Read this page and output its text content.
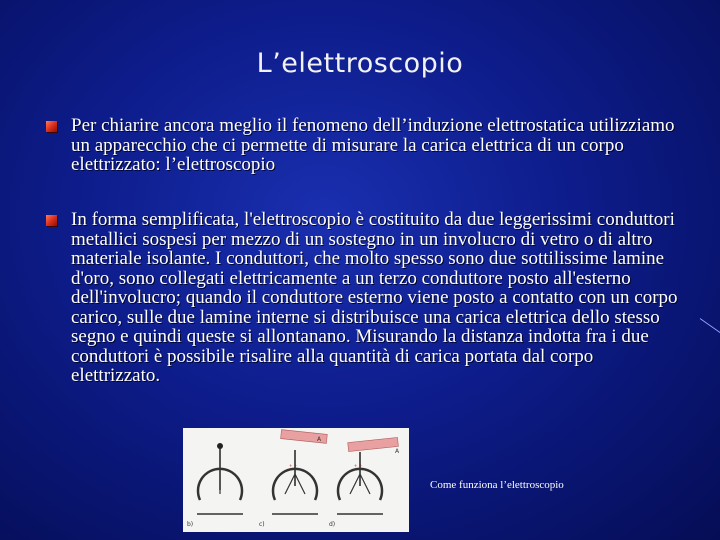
L’elettroscopio
Per chiarire ancora meglio il fenomeno dell’induzione elettrostatica utilizziamo un apparecchio che ci permette di misurare la carica elettrica di un corpo elettrizzato: l’elettroscopio
In forma semplificata, l'elettroscopio è costituito da due leggerissimi conduttori metallici sospesi per mezzo di un sostegno in un involucro di vetro o di altro materiale isolante. I conduttori, che molto spesso sono due sottilissime lamine d'oro, sono collegati elettricamente a un terzo conduttore posto all'esterno dell'involucro; quando il conduttore esterno viene posto a contatto con un corpo carico, sulle due lamine interne si distribuisce una carica elettrica dello stesso segno e quindi queste si allontanano. Misurando la distanza indotta fra i due conduttori è possibile risalire alla quantità di carica portata dal corpo elettrizzato.
A
A
+ +	+ +
b)	c)	d)
Come funziona l’elettroscopio
